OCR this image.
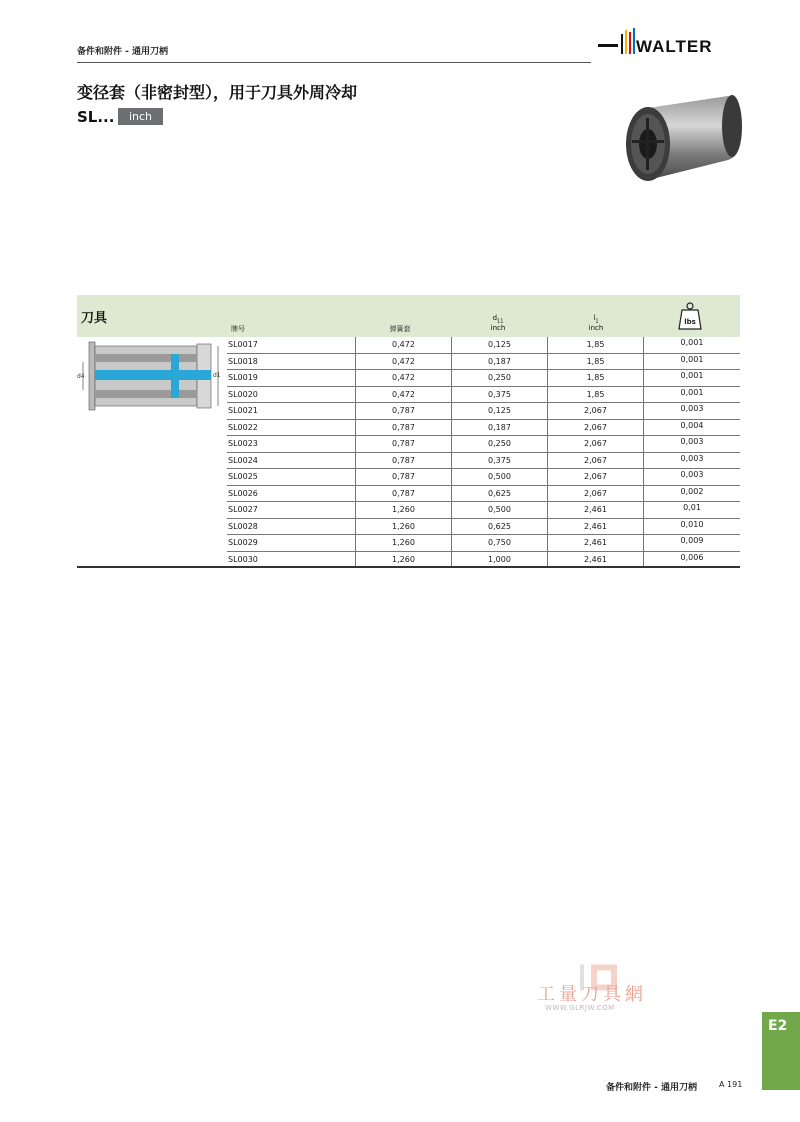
备件和附件 - 通用刀柄	WALTER
变径套（非密封型），用于刀具外周冷却
SL...	inch
刀具
牌号	弹簧套
$d_{11}$
inch
$l_1$
inch
lbs
d4	d1
SL0017	0,472	0,125	1,85	0,001
SL0018	0,472	0,187	1,85	0,001
SL0019	0,472	0,250	1,85	0,001
SL0020	0,472	0,375	1,85	0,001
SL0021	0,787	0,125	2,067	0,003
SL0022	0,787	0,187	2,067	0,004
SL0023	0,787	0,250	2,067	0,003
SL0024	0,787	0,375	2,067	0,003
SL0025	0,787	0,500	2,067	0,003
SL0026	0,787	0,625	2,067	0,002
SL0027	1,260	0,500	2,461	0,01
SL0028	1,260	0,625	2,461	0,010
SL0029	1,260	0,750	2,461	0,009
SL0030	1,260	1,000	2,461	0,006
工量刀具網
WWW.GLRJW.COM
E2
备件和附件 - 通用刀柄	A 191
